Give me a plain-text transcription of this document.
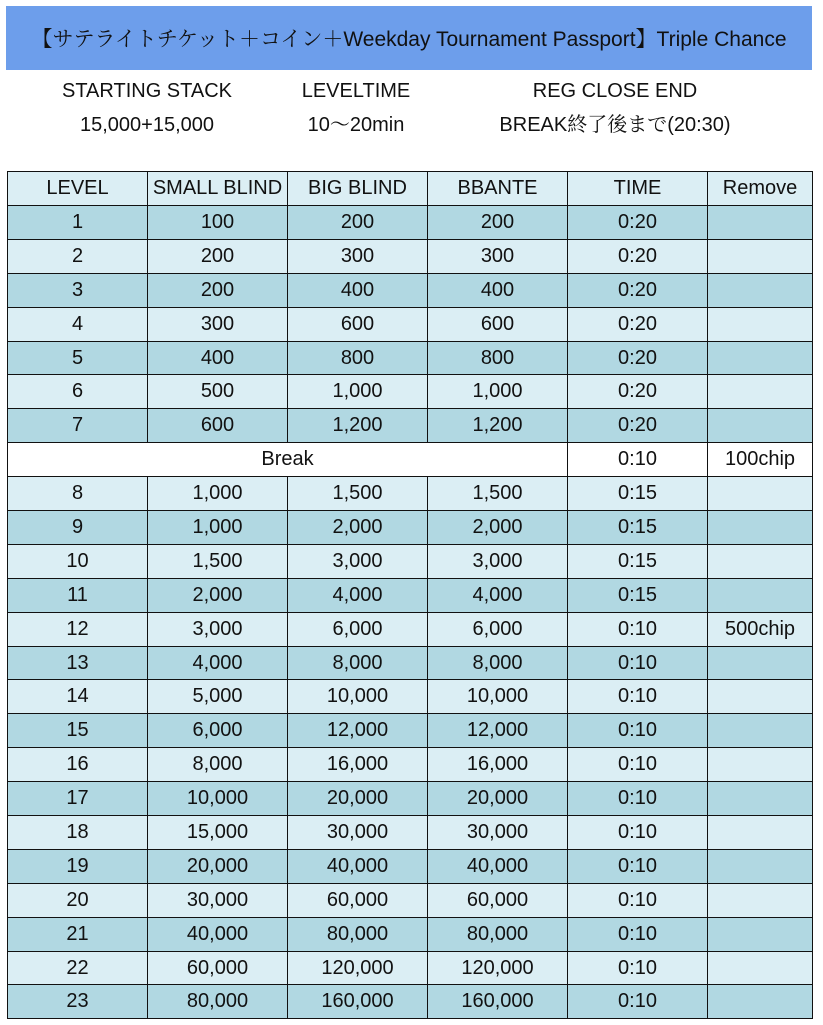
【サテライトチケット＋コイン＋Weekday Tournament Passport】Triple Chance
STARTING STACK
15,000+15,000
LEVELTIME
10〜20min
REG CLOSE END
BREAK終了後まで(20:30)
LEVEL	SMALL BLIND	BIG BLIND	BBANTE	TIME	Remove
1	100	200	200	0:20	
2	200	300	300	0:20	
3	200	400	400	0:20	
4	300	600	600	0:20	
5	400	800	800	0:20	
6	500	1,000	1,000	0:20	
7	600	1,200	1,200	0:20	
Break				0:10	100chip
8	1,000	1,500	1,500	0:15	
9	1,000	2,000	2,000	0:15	
10	1,500	3,000	3,000	0:15	
11	2,000	4,000	4,000	0:15	
12	3,000	6,000	6,000	0:10	500chip
13	4,000	8,000	8,000	0:10	
14	5,000	10,000	10,000	0:10	
15	6,000	12,000	12,000	0:10	
16	8,000	16,000	16,000	0:10	
17	10,000	20,000	20,000	0:10	
18	15,000	30,000	30,000	0:10	
19	20,000	40,000	40,000	0:10	
20	30,000	60,000	60,000	0:10	
21	40,000	80,000	80,000	0:10	
22	60,000	120,000	120,000	0:10	
23	80,000	160,000	160,000	0:10	
